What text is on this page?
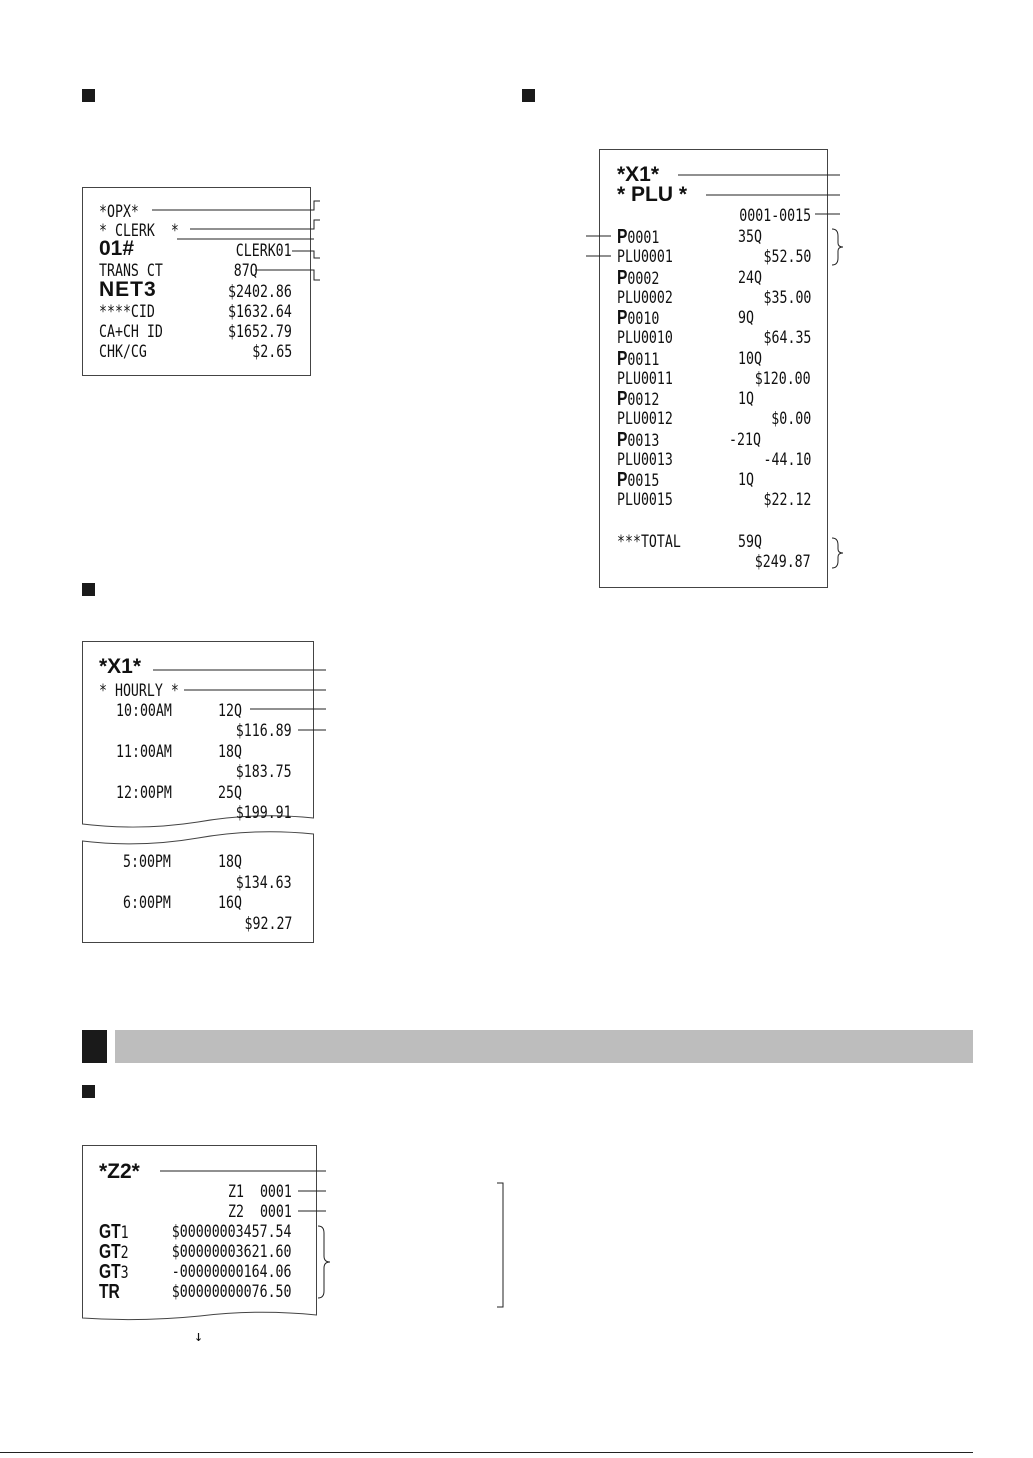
*OPX*
* CLERK  *
01#	CLERK01
TRANS CT	87Q
NET3	$2402.86
****CID	$1632.64
CA+CH ID	$1652.79
CHK/CG	$2.65
*X1*
* HOURLY *
10:00AM	12Q
$116.89
11:00AM	18Q
$183.75
12:00PM	25Q
$199.91
5:00PM	18Q
$134.63
6:00PM	16Q
$92.27
*X1*
* PLU *
0001-0015
P0001	35Q
PLU0001	$52.50
P0002	24Q
PLU0002	$35.00
P0010	9Q
PLU0010	$64.35
P0011	10Q
PLU0011	$120.00
P0012	1Q
PLU0012	$0.00
P0013	-21Q
PLU0013	-44.10
P0015	1Q
PLU0015	$22.12
***TOTAL	59Q
$249.87
*Z2*
Z1  0001
Z2  0001
GT1	$00000003457.54
GT2	$00000003621.60
GT3	-00000000164.06
TR	$00000000076.50
↓
